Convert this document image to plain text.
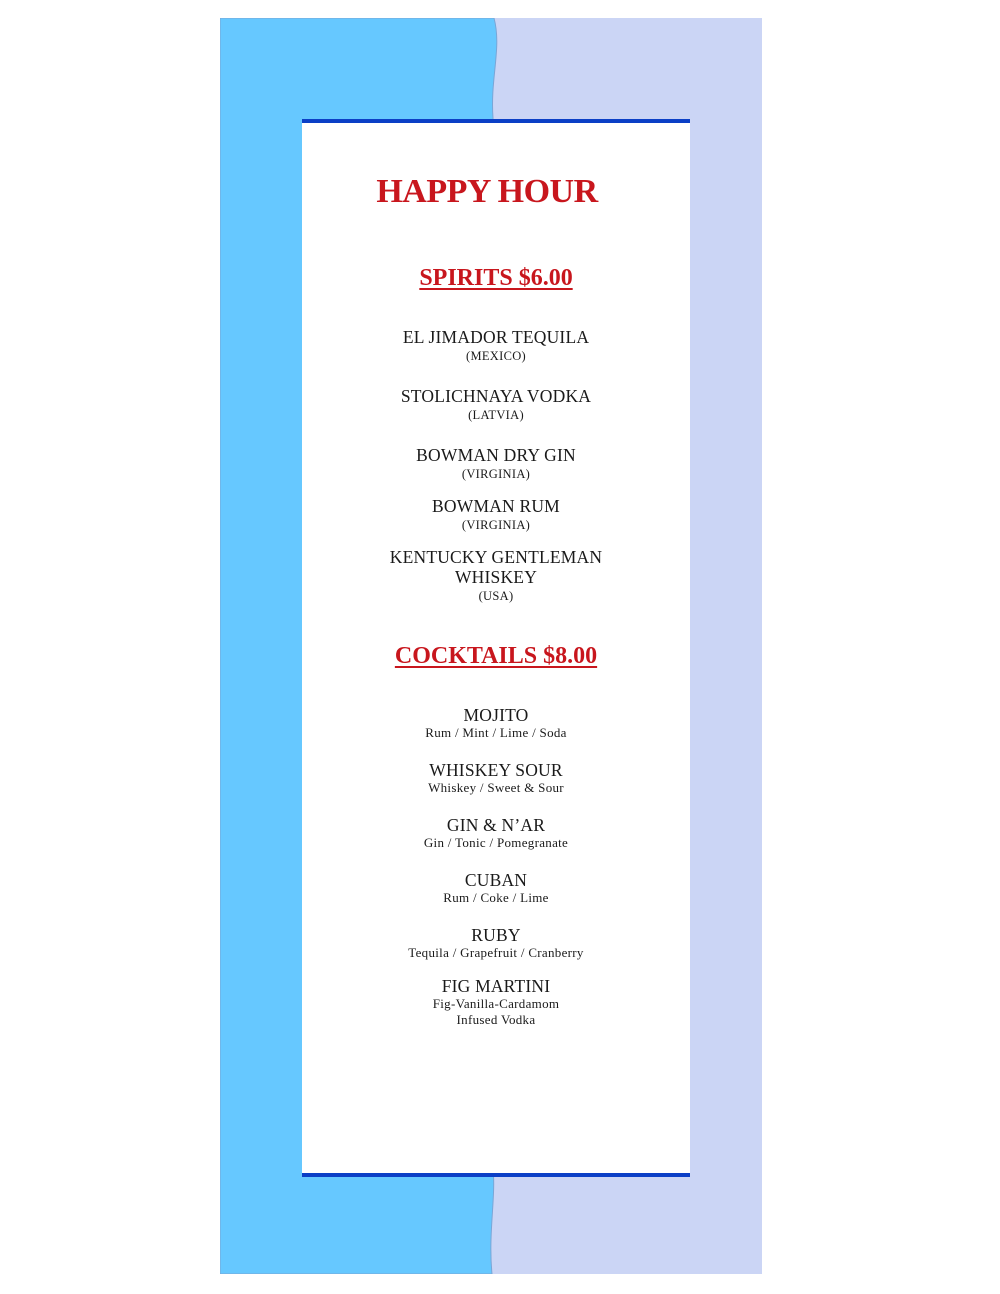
HAPPY HOUR
SPIRITS $6.00
EL JIMADOR TEQUILA
(MEXICO)
STOLICHNAYA VODKA
(LATVIA)
BOWMAN DRY GIN
(VIRGINIA)
BOWMAN RUM
(VIRGINIA)
KENTUCKY GENTLEMAN
WHISKEY
(USA)
COCKTAILS $8.00
MOJITO
Rum / Mint / Lime / Soda
WHISKEY SOUR
Whiskey / Sweet & Sour
GIN & N’AR
Gin / Tonic / Pomegranate
CUBAN
Rum / Coke / Lime
RUBY
Tequila / Grapefruit / Cranberry
FIG MARTINI
Fig-Vanilla-Cardamom
Infused Vodka
